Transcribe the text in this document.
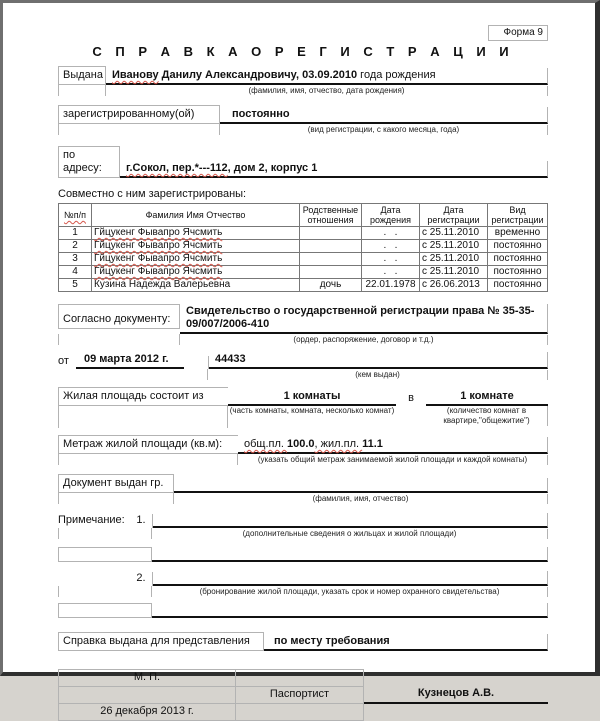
Форма 9
С П Р А В К А О Р Е Г И С Т Р А Ц И И
Выдана Иванову Данилу Александровичу, 03.09.2010 года рождения
(фамилия, имя, отчество, дата рождения)
зарегистрированному(ой)	постоянно
(вид регистрации, с какого месяца, года)
по адресу:	г.Сокол, пер.*---112, дом 2, корпус 1
Совместно с ним зарегистрированы:
№п/п	Фамилия Имя Отчество	Родственные отношения	Дата рождения	Дата регистрации	Вид регистрации
1	Гйцукенг Фывапро Ячсмить		.   .	с 25.11.2010	временно
2	Гйцукенг Фывапро Ячсмить		.   .	с 25.11.2010	постоянно
3	Гйцукенг Фывапро Ячсмить		.   .	с 25.11.2010	постоянно
4	Гйцукенг Фывапро Ячсмить		.   .	с 25.11.2010	постоянно
5	Кузина Надежда Валерьевна	дочь	22.01.1978	с 26.06.2013	постоянно
Согласно документу:
Свидетельство о государственной регистрации права № 35-35-09/007/2006-410
(ордер, распоряжение, договор и т.д.)
от	09 марта 2012 г.	44433
(кем выдан)
Жилая площадь состоит из	1 комнаты	в	1 комнате
(часть комнаты, комната, несколько комнат)	(количество комнат в квартире,"общежитие")
Метраж жилой площади (кв.м):	общ.пл. 100.0, жил.пл. 11.1
(указать общий метраж занимаемой жилой площади и каждой комнаты)
Документ выдан гр.
(фамилия, имя, отчество)
Примечание:	1.
(дополнительные сведения о жильцах и жилой площади)
2.
(бронирование жилой площади, указать срок и номер охранного свидетельства)
Справка выдана для представления	по месту требования
М. П.

Паспортист	Кузнецов А.В.
26 декабря 2013 г.
